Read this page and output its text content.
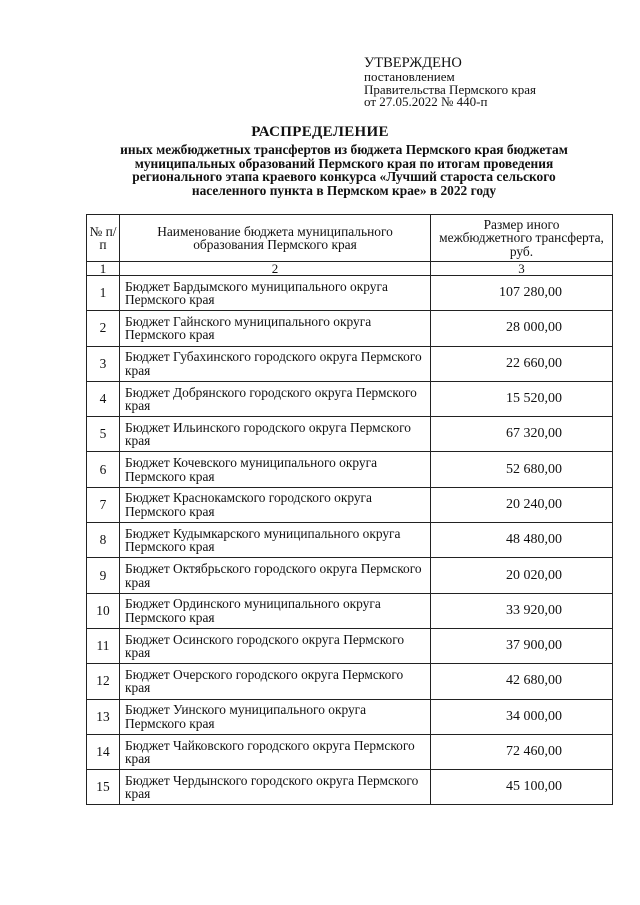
УТВЕРЖДЕНО
постановлением
Правительства Пермского края
от 27.05.2022 № 440-п
РАСПРЕДЕЛЕНИЕ
иных межбюджетных трансфертов из бюджета Пермского края бюджетам муниципальных образований Пермского края по итогам проведения регионального этапа краевого конкурса «Лучший староста сельского населенного пункта в Пермском крае» в 2022 году
№ п/п	Наименование бюджета муниципального образования Пермского края	Размер иного межбюджетного трансферта, руб.
1	2	3
1	Бюджет Бардымского муниципального округа Пермского края	107 280,00
2	Бюджет Гайнского муниципального округа Пермского края	28 000,00
3	Бюджет Губахинского городского округа Пермского края	22 660,00
4	Бюджет Добрянского городского округа Пермского края	15 520,00
5	Бюджет Ильинского городского округа Пермского края	67 320,00
6	Бюджет Кочевского муниципального округа Пермского края	52 680,00
7	Бюджет Краснокамского городского округа Пермского края	20 240,00
8	Бюджет Кудымкарского муниципального округа Пермского края	48 480,00
9	Бюджет Октябрьского городского округа Пермского края	20 020,00
10	Бюджет Ординского муниципального округа Пермского края	33 920,00
11	Бюджет Осинского городского округа Пермского края	37 900,00
12	Бюджет Очерского городского округа Пермского края	42 680,00
13	Бюджет Уинского муниципального округа Пермского края	34 000,00
14	Бюджет Чайковского городского округа Пермского края	72 460,00
15	Бюджет Чердынского городского округа Пермского края	45 100,00
